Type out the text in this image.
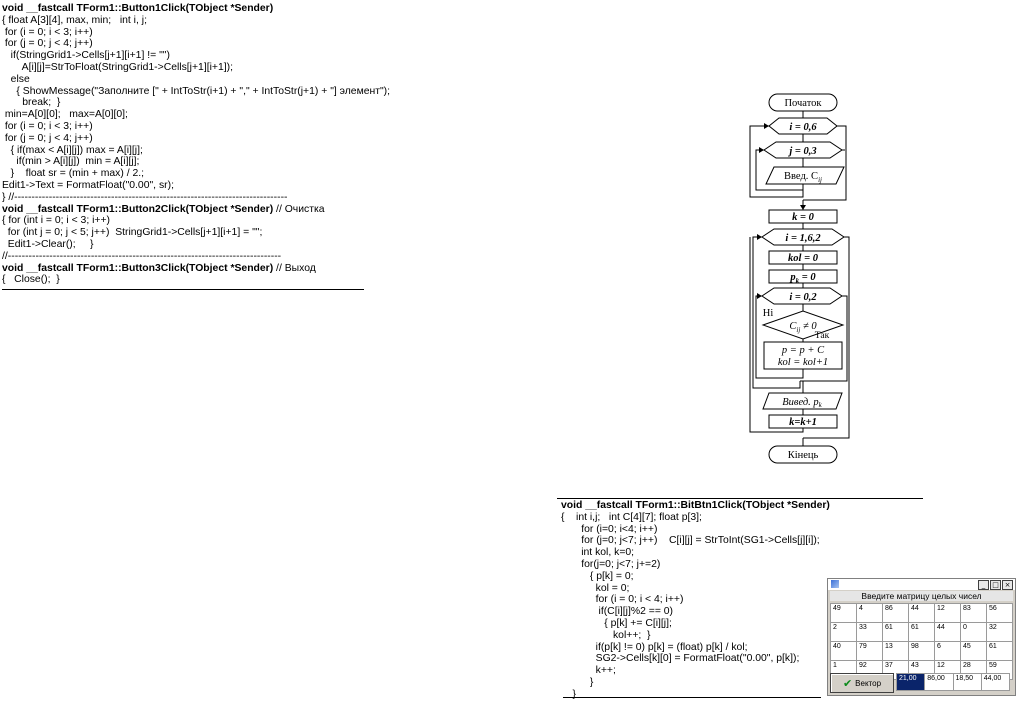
void __fastcall TForm1::Button1Click(TObject *Sender)
{ float A[3][4], max, min;   int i, j;
for (i = 0; i < 3; i++)
for (j = 0; j < 4; j++)
if(StringGrid1->Cells[j+1][i+1] != "")
A[i][j]=StrToFloat(StringGrid1->Cells[j+1][i+1]);
else
{ ShowMessage("Заполните [" + IntToStr(i+1) + "," + IntToStr(j+1) + "] элемент");
break;  }
min=A[0][0];   max=A[0][0];
for (i = 0; i < 3; i++)
for (j = 0; j < 4; j++)
{ if(max < A[i][j]) max = A[i][j];
if(min > A[i][j])  min = A[i][j];
}    float sr = (min + max) / 2.;
Edit1->Text = FormatFloat("0.00", sr);
} //-------------------------------------------------------------------------------
void __fastcall TForm1::Button2Click(TObject *Sender) // Очистка
{ for (int i = 0; i < 3; i++)
for (int j = 0; j < 5; j++)  StringGrid1->Cells[j+1][i+1] = "";
Edit1->Clear();     }
//-------------------------------------------------------------------------------
void __fastcall TForm1::Button3Click(TObject *Sender) // Выход
{   Close();  }
void __fastcall TForm1::BitBtn1Click(TObject *Sender)
{    int i,j;   int C[4][7]; float p[3];
for (i=0; i<4; i++)
for (j=0; j<7; j++)    C[i][j] = StrToInt(SG1->Cells[j][i]);
int kol, k=0;
for(j=0; j<7; j+=2)
{ p[k] = 0;
kol = 0;
for (i = 0; i < 4; i++)
if(C[i][j]%2 == 0)
{ p[k] += C[i][j];
kol++;  }
if(p[k] != 0) p[k] = (float) p[k] / kol;
SG2->Cells[k][0] = FormatFloat("0.00", p[k]);
k++;
}
}
Початок
i = 0,6
j = 0,3
Введ. $C_{ij}$
k = 0
i = 1,6,2
kol = 0
$p_k = 0$
i = 0,2
$C_{ij} \ne 0$
Ні
Так
p = p + C
kol = kol+1
Вивед. pk
k=k+1
Кінець
_ □ ×
Введите матрицу целых чисел
49	4	86	44	12	83	56
2	33	61	61	44	0	32
40	79	13	98	6	45	61
1	92	37	43	12	28	59
✔ Вектор	21,00	86,00	18,50	44,00
